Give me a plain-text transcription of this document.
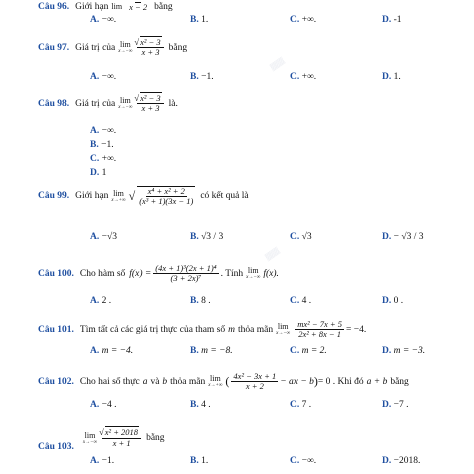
▒▒▒
▒▒▒
Câu 96. Giới hạn lim
x − 2 bằng
A. −∞.	B. 1.	C. +∞.	D. -1
Câu 97. Giá trị của lim
x→−∞ √ $\frac{\text{x² − 3}}{x + 3}$ bằng
A. −∞.	B. −1.	C. +∞.	D. 1.
Câu 98. Giá trị của lim
x→−∞ √ $\frac{\text{x² − 3}}{x + 3}$ là.
A. −∞.
B. −1.
C. +∞.
D. 1
Câu 99. Giới hạn lim
x→+∞ √ $\frac{\text{x⁴ + x² + 2}}{\text{(x³ + 1)(3x − 1)}}$ có kết quả là
A. −√3	B. √3 / 3	C. √3	D. − √3 / 3
Câu 100. Cho hàm số $f(x) = \frac{\text{(4x + 1)³(2x + 1)⁴}}{\text{(3 + 2x)⁷}}$ . Tính lim
x→−∞ f(x).
A. 2 .	B. 8 .	C. 4 .	D. 0 .
Câu 101. Tìm tất cả các giá trị thực của tham số m thỏa mãn lim
$x\to-\infty \frac{\text{mx² − 7x + 5}}{\text{2x² + 8x − 1}} = -4$.
A. m = −4.	B. m = −8.	C. m = 2.	D. m = −3.
Câu 102. Cho hai số thực a và b thỏa mãn lim
x→+∞ ( $\frac{\text{4x² − 3x + 1}}{x + 2}$ − ax − b ) = 0 . Khi đó a + b bằng
A. −4 .	B. 4 .	C. 7 .	D. −7 .
Câu 103.
lim
x→−∞ √ $\frac{\text{x² + 2018}}{x + 1}$ bằng
A. −1.	B. 1.	C. −∞.	D. −2018.
